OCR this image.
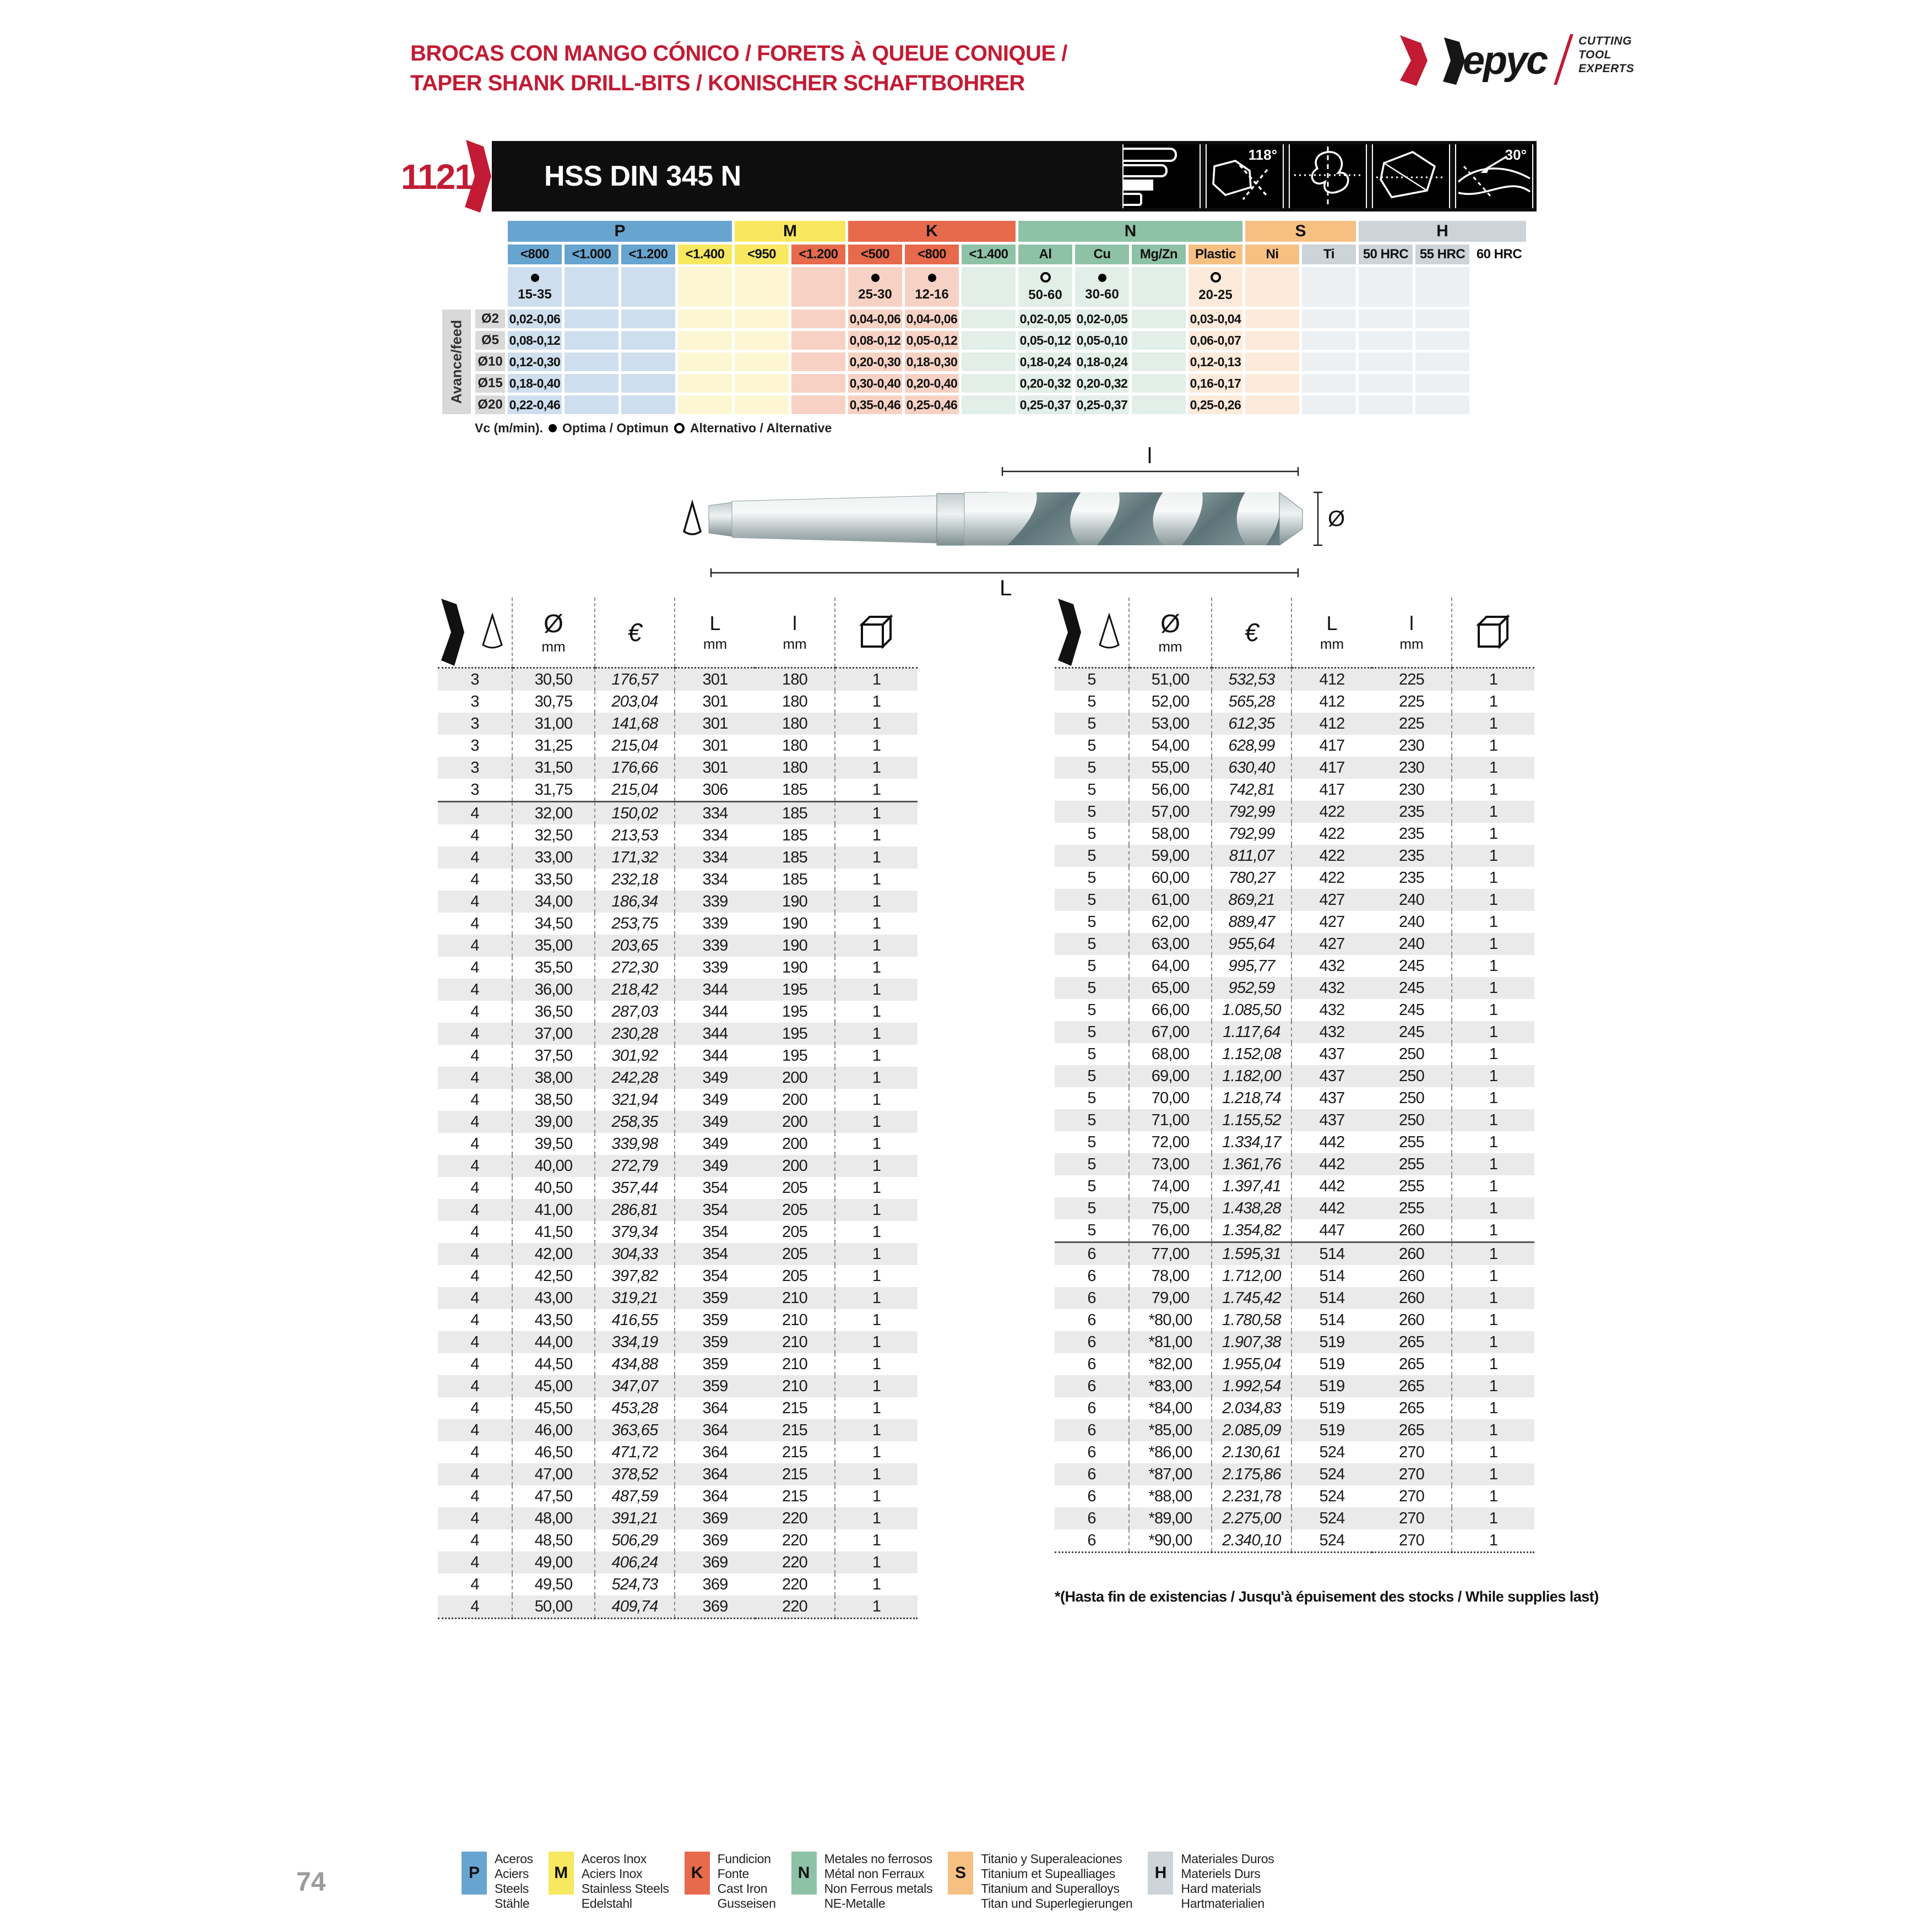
BROCAS CON MANGO CÓNICO / FORETS À QUEUE CONIQUE /
TAPER SHANK DRILL-BITS / KONISCHER SCHAFTBOHRER
epyc	CUTTING
TOOL
EXPERTS
1121 HSS DIN 345 N
118°	30°
Avance/feed
	P				M		K			N				S		H		
	<800	<1.000	<1.200	<1.400	<950	<1.200	<500	<800	<1.400	Al	Cu	Mg/Zn	Plastic	Ni	Ti	50 HRC	55 HRC	60 HRC

	15-35						25-30	12-16		50-60	30-60		20-25					

Ø2	0,02-0,06						0,04-0,06	0,04-0,06		0,02-0,05	0,02-0,05		0,03-0,04					
Ø5	0,08-0,12						0,08-0,12	0,05-0,12		0,05-0,12	0,05-0,10		0,06-0,07					
Ø10	0,12-0,30						0,20-0,30	0,18-0,30		0,18-0,24	0,18-0,24		0,12-0,13					
Ø15	0,18-0,40						0,30-0,40	0,20-0,40		0,20-0,32	0,20-0,32		0,16-0,17					
Ø20	0,22-0,46						0,35-0,46	0,25-0,46		0,25-0,37	0,25-0,37		0,25-0,26					
Vc (m/min). Optima / Optimun Alternativo / Alternative
l
L
Ø

Ø
mm	€	L
mm	l
mm

3	30,50	176,57	301	180	1
3	30,75	203,04	301	180	1
3	31,00	141,68	301	180	1
3	31,25	215,04	301	180	1
3	31,50	176,66	301	180	1
3	31,75	215,04	306	185	1
4	32,00	150,02	334	185	1
4	32,50	213,53	334	185	1
4	33,00	171,32	334	185	1
4	33,50	232,18	334	185	1
4	34,00	186,34	339	190	1
4	34,50	253,75	339	190	1
4	35,00	203,65	339	190	1
4	35,50	272,30	339	190	1
4	36,00	218,42	344	195	1
4	36,50	287,03	344	195	1
4	37,00	230,28	344	195	1
4	37,50	301,92	344	195	1
4	38,00	242,28	349	200	1
4	38,50	321,94	349	200	1
4	39,00	258,35	349	200	1
4	39,50	339,98	349	200	1
4	40,00	272,79	349	200	1
4	40,50	357,44	354	205	1
4	41,00	286,81	354	205	1
4	41,50	379,34	354	205	1
4	42,00	304,33	354	205	1
4	42,50	397,82	354	205	1
4	43,00	319,21	359	210	1
4	43,50	416,55	359	210	1
4	44,00	334,19	359	210	1
4	44,50	434,88	359	210	1
4	45,00	347,07	359	210	1
4	45,50	453,28	364	215	1
4	46,00	363,65	364	215	1
4	46,50	471,72	364	215	1
4	47,00	378,52	364	215	1
4	47,50	487,59	364	215	1
4	48,00	391,21	369	220	1
4	48,50	506,29	369	220	1
4	49,00	406,24	369	220	1
4	49,50	524,73	369	220	1
4	50,00	409,74	369	220	1

Ø
mm	€	L
mm	l
mm

5	51,00	532,53	412	225	1
5	52,00	565,28	412	225	1
5	53,00	612,35	412	225	1
5	54,00	628,99	417	230	1
5	55,00	630,40	417	230	1
5	56,00	742,81	417	230	1
5	57,00	792,99	422	235	1
5	58,00	792,99	422	235	1
5	59,00	811,07	422	235	1
5	60,00	780,27	422	235	1
5	61,00	869,21	427	240	1
5	62,00	889,47	427	240	1
5	63,00	955,64	427	240	1
5	64,00	995,77	432	245	1
5	65,00	952,59	432	245	1
5	66,00	1.085,50	432	245	1
5	67,00	1.117,64	432	245	1
5	68,00	1.152,08	437	250	1
5	69,00	1.182,00	437	250	1
5	70,00	1.218,74	437	250	1
5	71,00	1.155,52	437	250	1
5	72,00	1.334,17	442	255	1
5	73,00	1.361,76	442	255	1
5	74,00	1.397,41	442	255	1
5	75,00	1.438,28	442	255	1
5	76,00	1.354,82	447	260	1
6	77,00	1.595,31	514	260	1
6	78,00	1.712,00	514	260	1
6	79,00	1.745,42	514	260	1
6	*80,00	1.780,58	514	260	1
6	*81,00	1.907,38	519	265	1
6	*82,00	1.955,04	519	265	1
6	*83,00	1.992,54	519	265	1
6	*84,00	2.034,83	519	265	1
6	*85,00	2.085,09	519	265	1
6	*86,00	2.130,61	524	270	1
6	*87,00	2.175,86	524	270	1
6	*88,00	2.231,78	524	270	1
6	*89,00	2.275,00	524	270	1
6	*90,00	2.340,10	524	270	1
*(Hasta fin de existencias / Jusqu'à épuisement des stocks / While supplies last)
74	P
Aceros
Aciers
Steels
Stähle
M
Aceros Inox
Aciers Inox
Stainless Steels
Edelstahl
K
Fundicion
Fonte
Cast Iron
Gusseisen
N
Metales no ferrosos
Métal non Ferraux
Non Ferrous metals
NE-Metalle
S
Titanio y Superaleaciones
Titanium et Supealliages
Titanium and Superalloys
Titan und Superlegierungen
H
Materiales Duros
Materiels Durs
Hard materials
Hartmaterialien
